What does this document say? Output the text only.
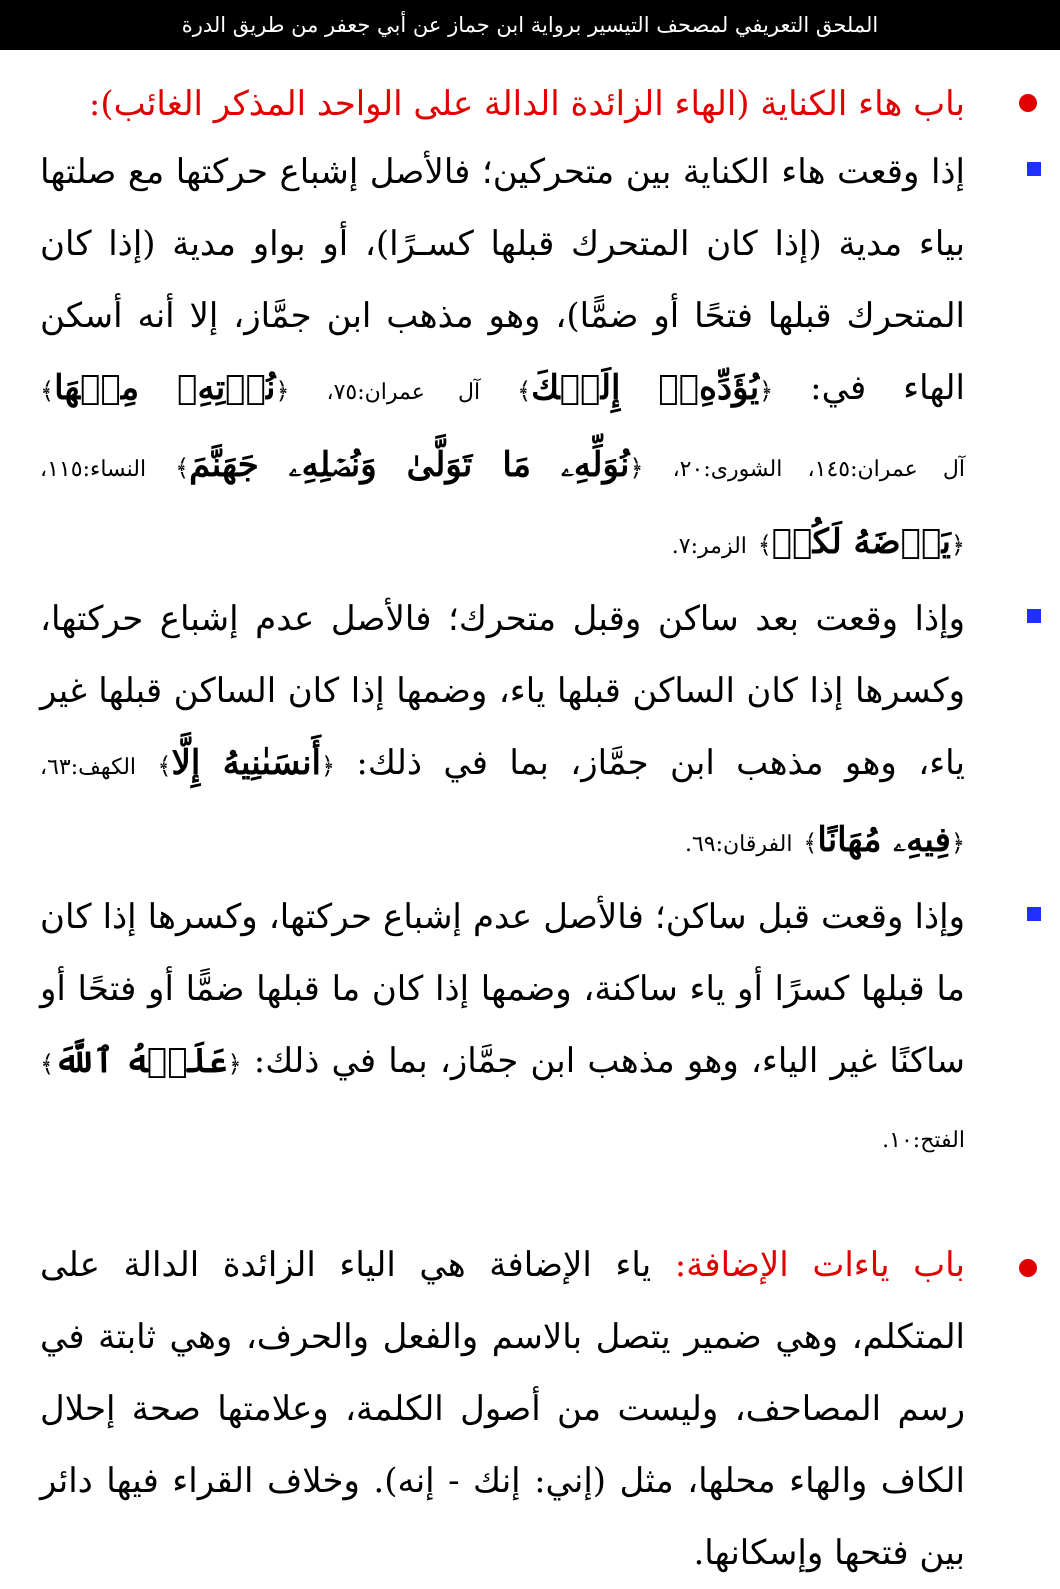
الملحق التعريفي لمصحف التيسير برواية ابن جماز عن أبي جعفر من طريق الدرة
باب هاء الكناية (الهاء الزائدة الدالة على الواحد المذكر الغائب):
إذا وقعت هاء الكناية بين متحركين؛ فالأصل إشباع حركتها مع صلتها بياء مدية (إذا كان المتحرك قبلها كسـرًا)، أو بواو مدية (إذا كان المتحرك قبلها فتحًا أو ضمًّا)، وهو مذهب ابن جمَّاز، إلا أنه أسكن الهاء في: ﴿يُؤَدِّهِۦٓ إِلَيۡكَ﴾ آل عمران:٧٥، ﴿نُؤۡتِهِۦ مِنۡهَا﴾ آل عمران:١٤٥، الشورى:٢٠، ﴿نُوَلِّهِۦ مَا تَوَلَّىٰ وَنُصۡلِهِۦ جَهَنَّمَ﴾ النساء:١١٥، ﴿يَرۡضَهُ لَكُمۡ﴾ الزمر:٧.
وإذا وقعت بعد ساكن وقبل متحرك؛ فالأصل عدم إشباع حركتها، وكسرها إذا كان الساكن قبلها ياء، وضمها إذا كان الساكن قبلها غير ياء، وهو مذهب ابن جمَّاز، بما في ذلك: ﴿أَنسَىٰنِيهُ إِلَّا﴾ الكهف:٦٣، ﴿فِيهِۦ مُهَانًا﴾ الفرقان:٦٩.
وإذا وقعت قبل ساكن؛ فالأصل عدم إشباع حركتها، وكسرها إذا كان ما قبلها كسرًا أو ياء ساكنة، وضمها إذا كان ما قبلها ضمًّا أو فتحًا أو ساكنًا غير الياء، وهو مذهب ابن جمَّاز، بما في ذلك: ﴿عَلَيۡهُ ٱللَّهَ﴾ الفتح:١٠.
باب ياءات الإضافة: ياء الإضافة هي الياء الزائدة الدالة على المتكلم، وهي ضمير يتصل بالاسم والفعل والحرف، وهي ثابتة في رسم المصاحف، وليست من أصول الكلمة، وعلامتها صحة إحلال الكاف والهاء محلها، مثل (إني: إنك - إنه). وخلاف القراء فيها دائر بين فتحها وإسكانها.
